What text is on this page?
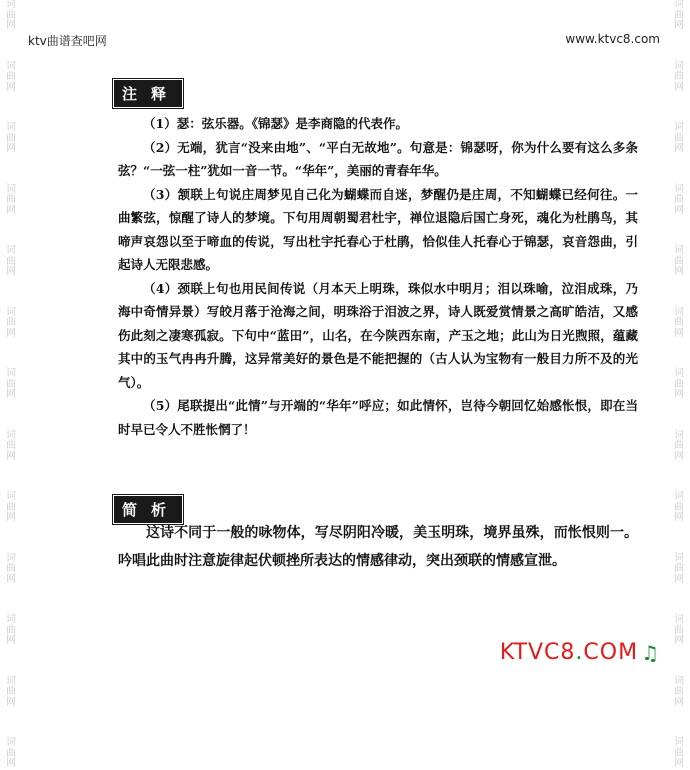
词
曲
网
词
曲
网
词
曲
网
词
曲
网
词
曲
网
词
曲
网
词
曲
网
词
曲
网
词
曲
网
词
曲
网
词
曲
网
词
曲
网
词
曲
网
词
曲
网
词
曲
网
词
曲
网
词
曲
网
词
曲
网
词
曲
网
词
曲
网
词
曲
网
词
曲
网
词
曲
网
词
曲
网
词
曲
网
词
曲
网
ktv曲谱查吧网	www.ktvc8.com
注释

（1）瑟：弦乐器。《锦瑟》是李商隐的代表作。

（2）无端，犹言“没来由地”、“平白无故地”。句意是：锦瑟呀，你为什么要有这么多条弦？“一弦一柱”犹如一音一节。“华年”，美丽的青春年华。

（3）颔联上句说庄周梦见自己化为蝴蝶而自迷，梦醒仍是庄周，不知蝴蝶已经何往。一曲繁弦，惊醒了诗人的梦境。下句用周朝蜀君杜宇，禅位退隐后国亡身死，魂化为杜鹃鸟，其啼声哀怨以至于啼血的传说，写出杜宇托春心于杜鹃，恰似佳人托春心于锦瑟，哀音怨曲，引起诗人无限悲感。

（4）颈联上句也用民间传说（月本天上明珠，珠似水中明月；泪以珠喻，泣泪成珠，乃海中奇情异景）写皎月落于沧海之间，明珠浴于泪波之界，诗人既爱赏情景之高旷皓洁，又感伤此刻之凄寒孤寂。下句中“蓝田”，山名，在今陕西东南，产玉之地；此山为日光煦照，蕴藏其中的玉气冉冉升腾，这异常美好的景色是不能把握的（古人认为宝物有一般目力所不及的光气）。

（5）尾联提出“此情”与开端的“华年”呼应；如此情怀，岂待今朝回忆始感怅恨，即在当时早已令人不胜怅惘了！

简析

这诗不同于一般的咏物体，写尽阴阳冷暖，美玉明珠，境界虽殊，而怅恨则一。吟唱此曲时注意旋律起伏顿挫所表达的情感律动，突出颈联的情感宣泄。

KTV C8 . COM ♫
